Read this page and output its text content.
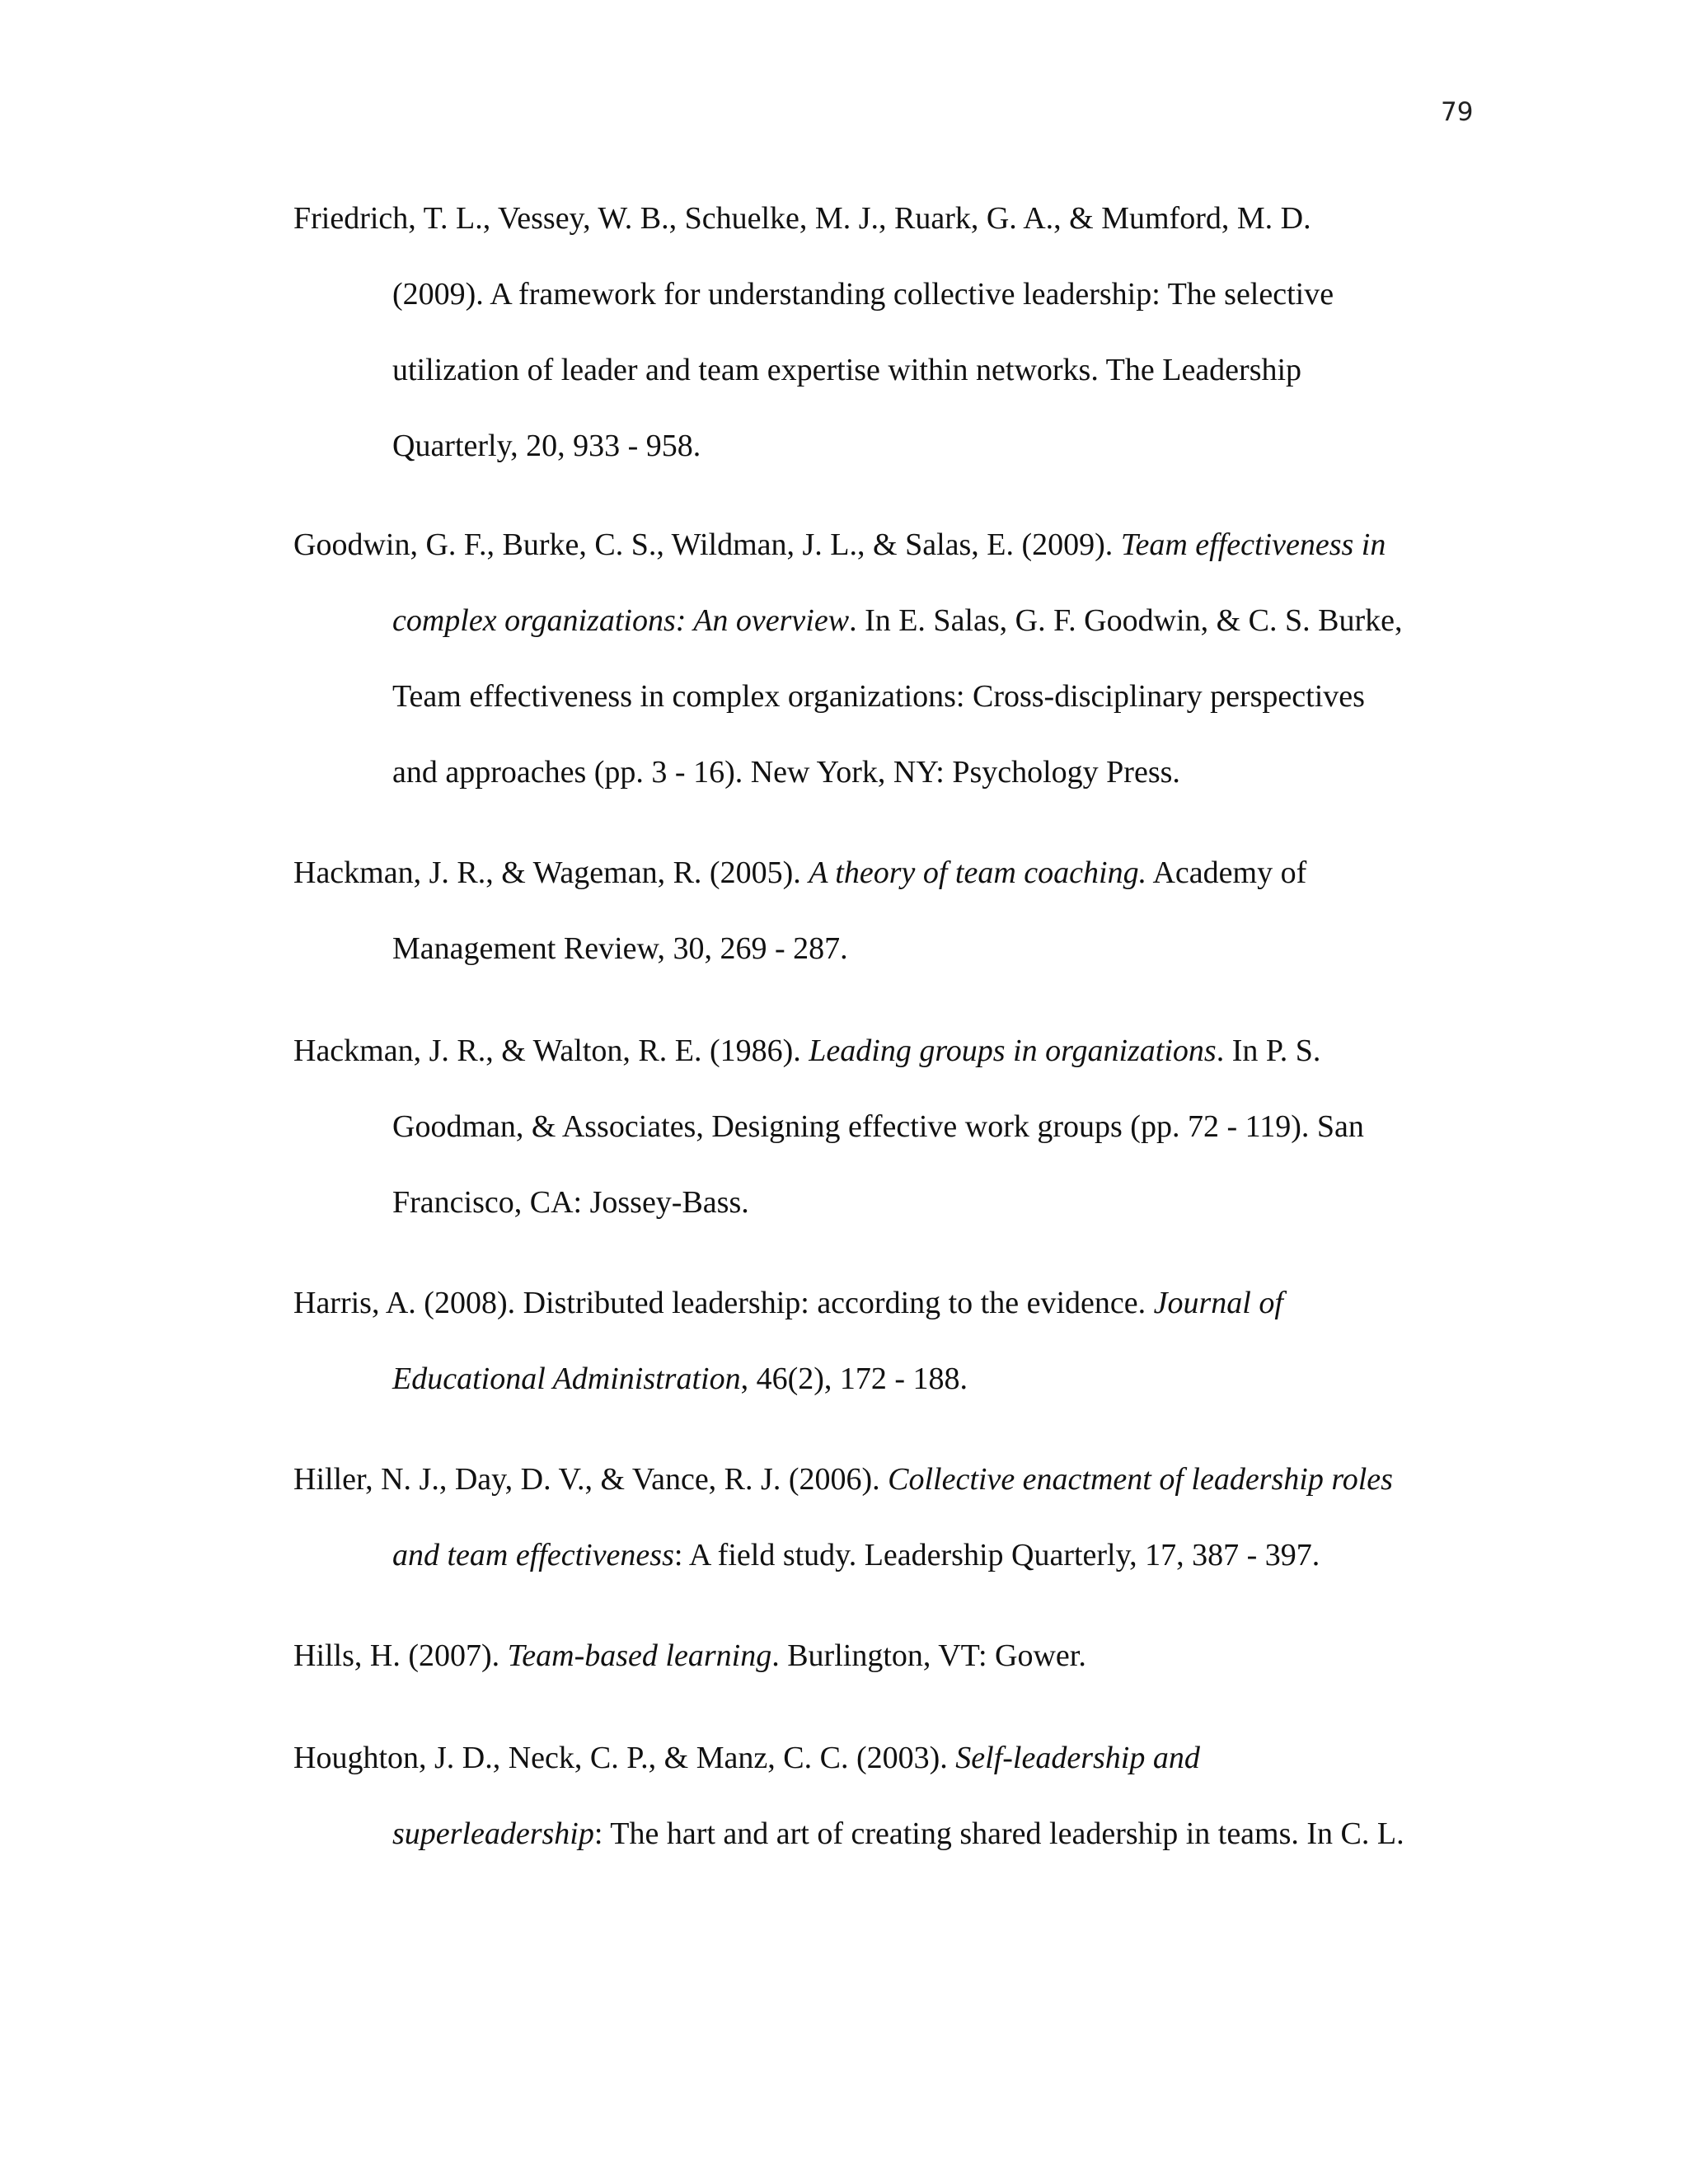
79
Friedrich, T. L., Vessey, W. B., Schuelke, M. J., Ruark, G. A., & Mumford, M. D.
(2009). A framework for understanding collective leadership: The selective
utilization of leader and team expertise within networks. The Leadership
Quarterly, 20, 933 - 958.
Goodwin, G. F., Burke, C. S., Wildman, J. L., & Salas, E. (2009). Team effectiveness in
complex organizations: An overview. In E. Salas, G. F. Goodwin, & C. S. Burke,
Team effectiveness in complex organizations: Cross-disciplinary perspectives
and approaches (pp. 3 - 16). New York, NY: Psychology Press.
Hackman, J. R., & Wageman, R. (2005). A theory of team coaching. Academy of
Management Review, 30, 269 - 287.
Hackman, J. R., & Walton, R. E. (1986). Leading groups in organizations. In P. S.
Goodman, & Associates, Designing effective work groups (pp. 72 - 119). San
Francisco, CA: Jossey-Bass.
Harris, A. (2008). Distributed leadership: according to the evidence. Journal of
Educational Administration, 46(2), 172 - 188.
Hiller, N. J., Day, D. V., & Vance, R. J. (2006). Collective enactment of leadership roles
and team effectiveness: A field study. Leadership Quarterly, 17, 387 - 397.
Hills, H. (2007). Team-based learning. Burlington, VT: Gower.
Houghton, J. D., Neck, C. P., & Manz, C. C. (2003). Self-leadership and
superleadership: The hart and art of creating shared leadership in teams. In C. L.
